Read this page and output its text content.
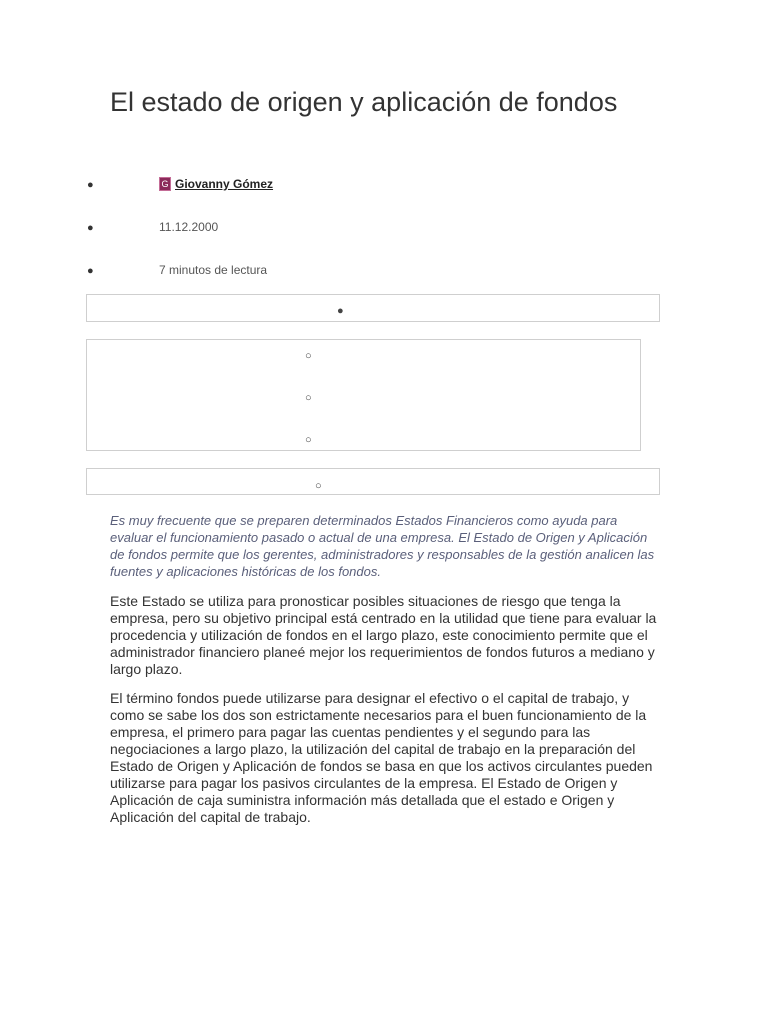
El estado de origen y aplicación de fondos
●	G Giovanny Gómez
●	11.12.2000
●	7 minutos de lectura
●
○
○
○
○

Es muy frecuente que se preparen determinados Estados Financieros como ayuda para evaluar el funcionamiento pasado o actual de una empresa. El Estado de Origen y Aplicación de fondos permite que los gerentes, administradores y responsables de la gestión analicen las fuentes y aplicaciones históricas de los fondos.

Este Estado se utiliza para pronosticar posibles situaciones de riesgo que tenga la empresa, pero su objetivo principal está centrado en la utilidad que tiene para evaluar la procedencia y utilización de fondos en el largo plazo, este conocimiento permite que el administrador financiero planeé mejor los requerimientos de fondos futuros a mediano y largo plazo.

El término fondos puede utilizarse para designar el efectivo o el capital de trabajo, y como se sabe los dos son estrictamente necesarios para el buen funcionamiento de la empresa, el primero para pagar las cuentas pendientes y el segundo para las negociaciones a largo plazo, la utilización del capital de trabajo en la preparación del Estado de Origen y Aplicación de fondos se basa en que los activos circulantes pueden utilizarse para pagar los pasivos circulantes de la empresa. El Estado de Origen y Aplicación de caja suministra información más detallada que el estado e Origen y Aplicación del capital de trabajo.
